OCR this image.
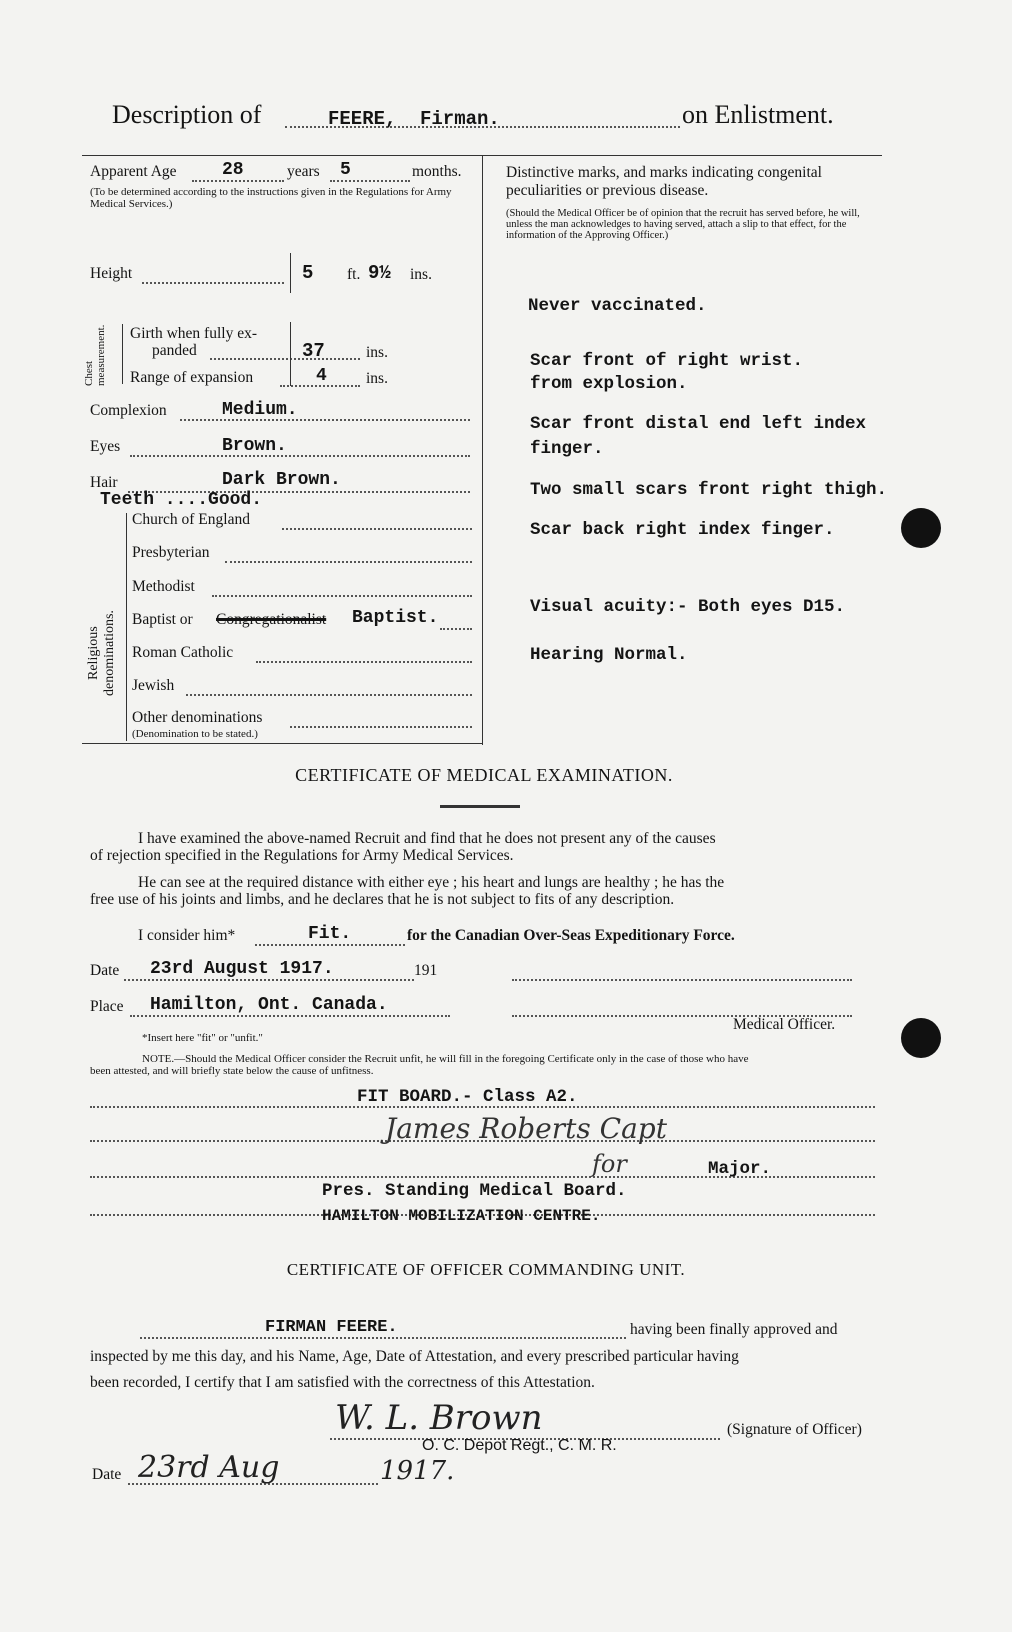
Description of	FEERE, Firman.	on Enlistment.
Apparent Age	28	years 5	months.
(To be determined according to the instructions given in the Regulations for Army Medical Services.)
Height	5 ft. 9½ ins.
Chest measurement.	Girth when fully ex-
panded	37	ins.
Range of expansion	4	ins.
Complexion	Medium.
Eyes	Brown.
Hair	Dark Brown.
Teeth ....Good.
Religious denominations.
Church of England
Presbyterian
Methodist
Baptist or Congregationalist Baptist.
Roman Catholic
Jewish
Other denominations
(Denomination to be stated.)
Distinctive marks, and marks indicating congenital
peculiarities or previous disease.
(Should the Medical Officer be of opinion that the recruit has served before, he will, unless the man acknowledges to having served, attach a slip to that effect, for the information of the Approving Officer.)
Never vaccinated.
Scar front of right wrist.
from explosion.
Scar front distal end left index
finger.
Two small scars front right thigh.
Scar back right index finger.
Visual acuity:- Both eyes D15.
Hearing Normal.
CERTIFICATE OF MEDICAL EXAMINATION.
I have examined the above-named Recruit and find that he does not present any of the causes
of rejection specified in the Regulations for Army Medical Services.
He can see at the required distance with either eye ; his heart and lungs are healthy ; he has the
free use of his joints and limbs, and he declares that he is not subject to fits of any description.
I consider him*	Fit.	for the Canadian Over-Seas Expeditionary Force.
Date 23rd August 1917.	191
Place Hamilton, Ont. Canada.
Medical Officer.
*Insert here "fit" or "unfit."
NOTE.—Should the Medical Officer consider the Recruit unfit, he will fill in the foregoing Certificate only in the case of those who have
been attested, and will briefly state below the cause of unfitness.
FIT BOARD.- Class A2.
James Roberts Capt
for	Major.
Pres. Standing Medical Board.
HAMILTON MOBILIZATION CENTRE.
CERTIFICATE OF OFFICER COMMANDING UNIT.
FIRMAN FEERE.	having been finally approved and
inspected by me this day, and his Name, Age, Date of Attestation, and every prescribed particular having
been recorded, I certify that I am satisfied with the correctness of this Attestation.
W. L. Brown	(Signature of Officer)
O. C. Depot Regt., C. M. R.
Date 23rd Aug	1917.
